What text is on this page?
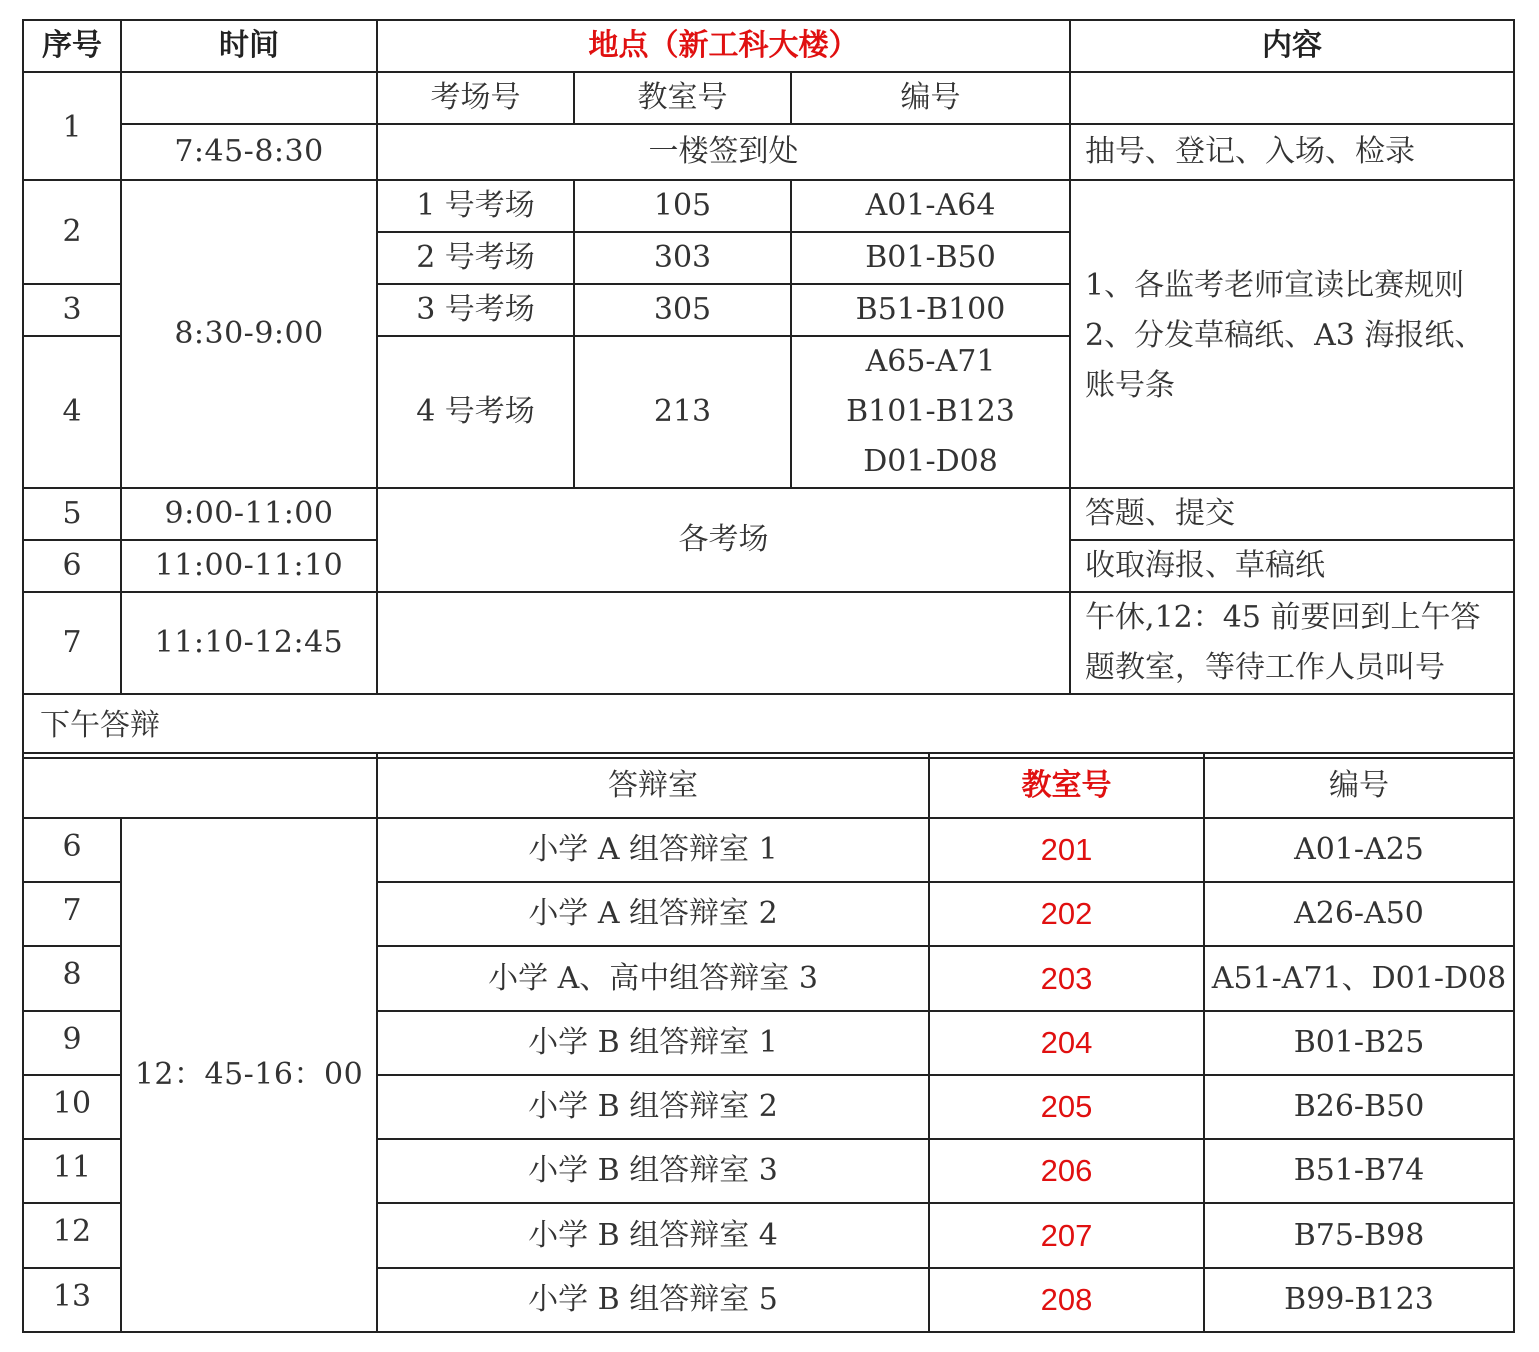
序号	时间	地点（新工科大楼）			内容
1		考场号	教室号	编号	
	7:45-8:30	一楼签到处			抽号、登记、入场、检录
2	8:30-9:00	1 号考场	105	A01-A64	1、各监考老师宣读比赛规则
2、分发草稿纸、A3 海报纸、
账号条

		2 号考场	303	B01-B50	
3		3 号考场	305	B51-B100	
4		4 号考场	213	A65-A71
B101-B123
D01-D08	

5	9:00-11:00	各考场			答题、提交
6	11:00-11:10				收取海报、草稿纸
7	11:10-12:45				午休,12：45 前要回到上午答
题教室，等待工作人员叫号

下午答辩					
		答辩室	教室号	编号
6	12：45-16：00	小学 A 组答辩室 1	201	A01-A25
7		小学 A 组答辩室 2	202	A26-A50
8		小学 A、高中组答辩室 3	203	A51-A71、D01-D08
9		小学 B 组答辩室 1	204	B01-B25
10		小学 B 组答辩室 2	205	B26-B50
11		小学 B 组答辩室 3	206	B51-B74
12		小学 B 组答辩室 4	207	B75-B98
13		小学 B 组答辩室 5	208	B99-B123
